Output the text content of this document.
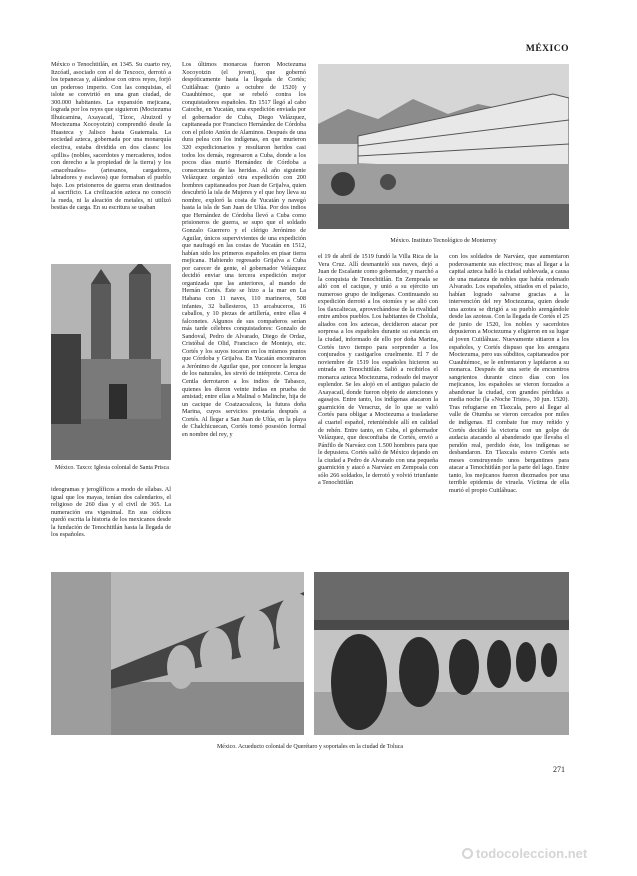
MÉXICO

México o Tenochtitlán, en 1345. Su cuarto rey, Itzcóatl, asociado con el de Texcoco, derrotó a los tepanecas y, aliándose con otros reyes, forjó un poderoso imperio. Con las conquistas, el islote se convirtió en una gran ciudad, de 300.000 habitantes. La expansión mejicana, lograda por los reyes que siguieron (Moctezuma Ilhuicamina, Axayacatl, Tízoc, Ahuizotl y Moctezuma Xocoyotzin) comprendió desde la Huasteca y Jalisco hasta Guatemala. La sociedad azteca, gobernada por una monarquía electiva, estaba dividida en dos clases: los «pillis» (nobles, sacerdotes y mercaderes, todos con derecho a la propiedad de la tierra) y los «macehuales» (artesanos, cargadores, labradores y esclavos) que formaban el pueblo bajo. Los prisioneros de guerra eran destinados al sacrificio. La civilización azteca no conoció la rueda, ni la aleación de metales, ni utilizó bestias de carga. En su escritura se usaban

México. Taxco: Iglesia colonial de Santa Prisca

ideogramas y jeroglíficos a modo de sílabas. Al igual que los mayas, tenían dos calendarios, el religioso de 260 días y el civil de 365. La numeración era vigesimal. En sus códices quedó escrita la historia de los mexicanos desde la fundación de Tenochtitlán hasta la llegada de los españoles.

Los últimos monarcas fueron Moctezuma Xocoyotzin (el joven), que gobernó despóticamente hasta la llegada de Cortés; Cuitláhuac (junio a octubre de 1520) y Cuauhtémoc, que se rebeló contra los conquistadores españoles. En 1517 llegó al cabo Catoche, en Yucatán, una expedición enviada por el gobernador de Cuba, Diego Velázquez, capitaneada por Francisco Hernández de Córdoba con el piloto Antón de Alaminos. Después de una dura pelea con los indígenas, en que murieron 320 expedicionarios y resultaron heridos casi todos los demás, regresaron a Cuba, donde a los pocos días murió Hernández de Córdoba a consecuencia de las heridas. Al año siguiente Velázquez organizó otra expedición con 200 hombres capitaneados por Juan de Grijalva, quien descubrió la isla de Mujeres y el que hoy lleva su nombre, exploró la costa de Yucatán y navegó hasta la isla de San Juan de Ulúa. Por dos indios que Hernández de Córdoba llevó a Cuba como prisioneros de guerra, se supo que el soldado Gonzalo Guerrero y el clérigo Jerónimo de Aguilar, únicos supervivientes de una expedición que naufragó en las costas de Yucatán en 1512, habían sido los primeros españoles en pisar tierra mejicana. Habiendo regresado Grijalva a Cuba por carecer de gente, el gobernador Velázquez decidió enviar una tercera expedición mejor organizada que las anteriores, al mando de Hernán Cortés. Éste se hizo a la mar en La Habana con 11 naves, 110 marineros, 508 infantes, 32 ballesteros, 13 arcabuceros, 16 caballos, y 10 piezas de artillería, entre ellas 4 falconetes. Algunos de sus compañeros serían más tarde célebres conquistadores: Gonzalo de Sandoval, Pedro de Alvarado, Diego de Ordaz, Cristóbal de Olid, Francisco de Montejo, etc. Cortés y los suyos tocaron en los mismos puntos que Córdoba y Grijalva. En Yucatán encontraron a Jerónimo de Aguilar que, por conocer la lengua de los naturales, les sirvió de intérprete. Cerca de Centla derrotaron a los indios de Tabasco, quienes les dieron veinte indias en prueba de amistad; entre ellas a Malinal o Malinche, hija de un cacique de Coatzacoalcos, la futura doña Marina, cuyos servicios prestaría después a Cortés. Al llegar a San Juan de Ulúa, en la playa de Chalchicuecan, Cortés tomó posesión formal en nombre del rey, y

México. Instituto Tecnológico de Monterrey

el 19 de abril de 1519 fundó la Villa Rica de la Vera Cruz. Allí desmanteló sus naves, dejó a Juan de Escalante como gobernador, y marchó a la conquista de Tenochtitlán. En Zempoala se alió con el cacique, y unió a su ejército un numeroso grupo de indígenas. Continuando su expedición derrotó a los otomíes y se alió con los tlaxcaltecas, aprovechándose de la rivalidad entre ambos pueblos. Los habitantes de Cholula, aliados con los aztecas, decidieron atacar por sorpresa a los españoles durante su estancia en la ciudad, informado de ello por doña Marina, Cortés tuvo tiempo para sorprender a los conjurados y castigarlos cruelmente. El 7 de noviembre de 1519 los españoles hicieron su entrada en Tenochtitlán. Salió a recibirlos el monarca azteca Moctezuma, rodeado del mayor esplendor. Se les alojó en el antiguo palacio de Axayacatl, donde fueron objeto de atenciones y agasajos. Entre tanto, los indígenas atacaron la guarnición de Veracruz, de lo que se valió Cortés para obligar a Moctezuma a trasladarse al cuartel español, reteniéndole allí en calidad de rehén. Entre tanto, en Cuba, el gobernador Velázquez, que desconfiaba de Cortés, envió a Pánfilo de Narváez con 1.500 hombres para que le depusiera. Cortés salió de México dejando en la ciudad a Pedro de Alvarado con una pequeña guarnición y atacó a Narváez en Zempoala con sólo 266 soldados, le derrotó y volvió triunfante a Tenochtitlán

con los soldados de Narváez, que aumentaron poderosamente sus efectivos; mas al llegar a la capital azteca halló la ciudad sublevada, a causa de una matanza de nobles que había ordenado Alvarado. Los españoles, sitiados en el palacio, habían logrado salvarse gracias a la intervención del rey Moctezuma, quien desde una azotea se dirigió a su pueblo arengándole desde las azoteas. Con la llegada de Cortés el 25 de junio de 1520, los nobles y sacerdotes depusieron a Moctezuma y eligieron en su lugar al joven Cuitláhuac. Nuevamente sitiaron a los españoles, y Cortés dispuso que los arengara Moctezuma, pero sus súbditos, capitaneados por Cuauhtémoc, se le enfrentaron y lapidaron a su monarca. Después de una serie de encuentros sangrientos durante cinco días con los mejicanos, los españoles se vieron forzados a abandonar la ciudad, con grandes pérdidas a media noche (la «Noche Triste», 30 jun. 1520). Tras refugiarse en Tlaxcala, pero al llegar al valle de Otumba se vieron cercados por miles de indígenas. El combate fue muy reñido y Cortés decidió la victoria con un golpe de audacia atacando al abanderado que llevaba el pendón real, perdido éste, los indígenas se desbandaron. En Tlaxcala estuvo Cortés seis meses construyendo unos bergantines para atacar a Tenochtitlán por la parte del lago. Entre tanto, los mejicanos fueron diezmados por una terrible epidemia de viruela. Víctima de ella murió el propio Cuitláhuac.

México. Acueducto colonial de Querétaro y soportales en la ciudad de Toluca
271
todocoleccion.net
